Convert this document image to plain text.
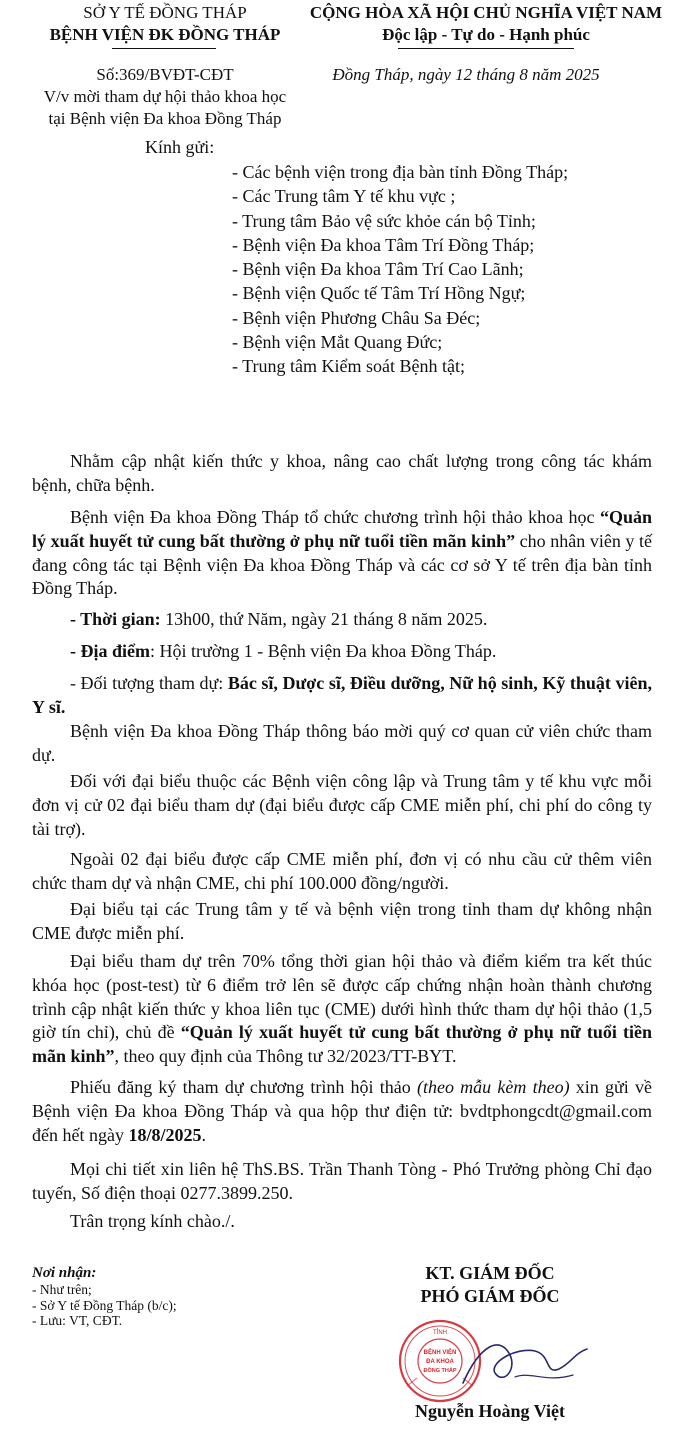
SỞ Y TẾ ĐỒNG THÁP
BỆNH VIỆN ĐK ĐỒNG THÁP
Số:369/BVĐT-CĐT
V/v mời tham dự hội thảo khoa học
tại Bệnh viện Đa khoa Đồng Tháp
CỘNG HÒA XÃ HỘI CHỦ NGHĨA VIỆT NAM
Độc lập - Tự do - Hạnh phúc
Đồng Tháp, ngày 12 tháng 8 năm 2025
Kính gửi:
- Các bệnh viện trong địa bàn tỉnh Đồng Tháp;
- Các Trung tâm Y tế khu vực ;
- Trung tâm Bảo vệ sức khỏe cán bộ Tỉnh;
- Bệnh viện Đa khoa Tâm Trí Đồng Tháp;
- Bệnh viện Đa khoa Tâm Trí Cao Lãnh;
- Bệnh viện Quốc tế Tâm Trí Hồng Ngự;
- Bệnh viện Phương Châu Sa Đéc;
- Bệnh viện Mắt Quang Đức;
- Trung tâm Kiểm soát Bệnh tật;
Nhằm cập nhật kiến thức y khoa, nâng cao chất lượng trong công tác khám bệnh, chữa bệnh.
Bệnh viện Đa khoa Đồng Tháp tổ chức chương trình hội thảo khoa học “Quản lý xuất huyết tử cung bất thường ở phụ nữ tuổi tiền mãn kinh” cho nhân viên y tế đang công tác tại Bệnh viện Đa khoa Đồng Tháp và các cơ sở Y tế trên địa bàn tỉnh Đồng Tháp.
- Thời gian: 13h00, thứ Năm, ngày 21 tháng 8 năm 2025.
- Địa điểm: Hội trường 1 - Bệnh viện Đa khoa Đồng Tháp.
- Đối tượng tham dự: Bác sĩ, Dược sĩ, Điều dưỡng, Nữ hộ sinh, Kỹ thuật viên, Y sĩ.
Bệnh viện Đa khoa Đồng Tháp thông báo mời quý cơ quan cử viên chức tham dự.
Đối với đại biểu thuộc các Bệnh viện công lập và Trung tâm y tế khu vực mỗi đơn vị cử 02 đại biểu tham dự (đại biểu được cấp CME miễn phí, chi phí do công ty tài trợ).
Ngoài 02 đại biểu được cấp CME miễn phí, đơn vị có nhu cầu cử thêm viên chức tham dự và nhận CME, chi phí 100.000 đồng/người.
Đại biểu tại các Trung tâm y tế và bệnh viện trong tỉnh tham dự không nhận CME được miễn phí.
Đại biểu tham dự trên 70% tổng thời gian hội thảo và điểm kiểm tra kết thúc khóa học (post-test) từ 6 điểm trở lên sẽ được cấp chứng nhận hoàn thành chương trình cập nhật kiến thức y khoa liên tục (CME) dưới hình thức tham dự hội thảo (1,5 giờ tín chỉ), chủ đề “Quản lý xuất huyết tử cung bất thường ở phụ nữ tuổi tiền mãn kinh”, theo quy định của Thông tư 32/2023/TT-BYT.
Phiếu đăng ký tham dự chương trình hội thảo (theo mẫu kèm theo) xin gửi về Bệnh viện Đa khoa Đồng Tháp và qua hộp thư điện tử: bvdtphongcdt@gmail.com đến hết ngày 18/8/2025.
Mọi chi tiết xin liên hệ ThS.BS. Trần Thanh Tòng - Phó Trưởng phòng Chỉ đạo tuyến, Số điện thoại 0277.3899.250.
Trân trọng kính chào./.
Nơi nhận:
- Như trên;
- Sở Y tế Đồng Tháp (b/c);
- Lưu: VT, CĐT.
KT. GIÁM ĐỐC
PHÓ GIÁM ĐỐC
TỈNH
BỆNH VIỆN
ĐA KHOA
ĐỒNG THÁP
Nguyễn Hoàng Việt
